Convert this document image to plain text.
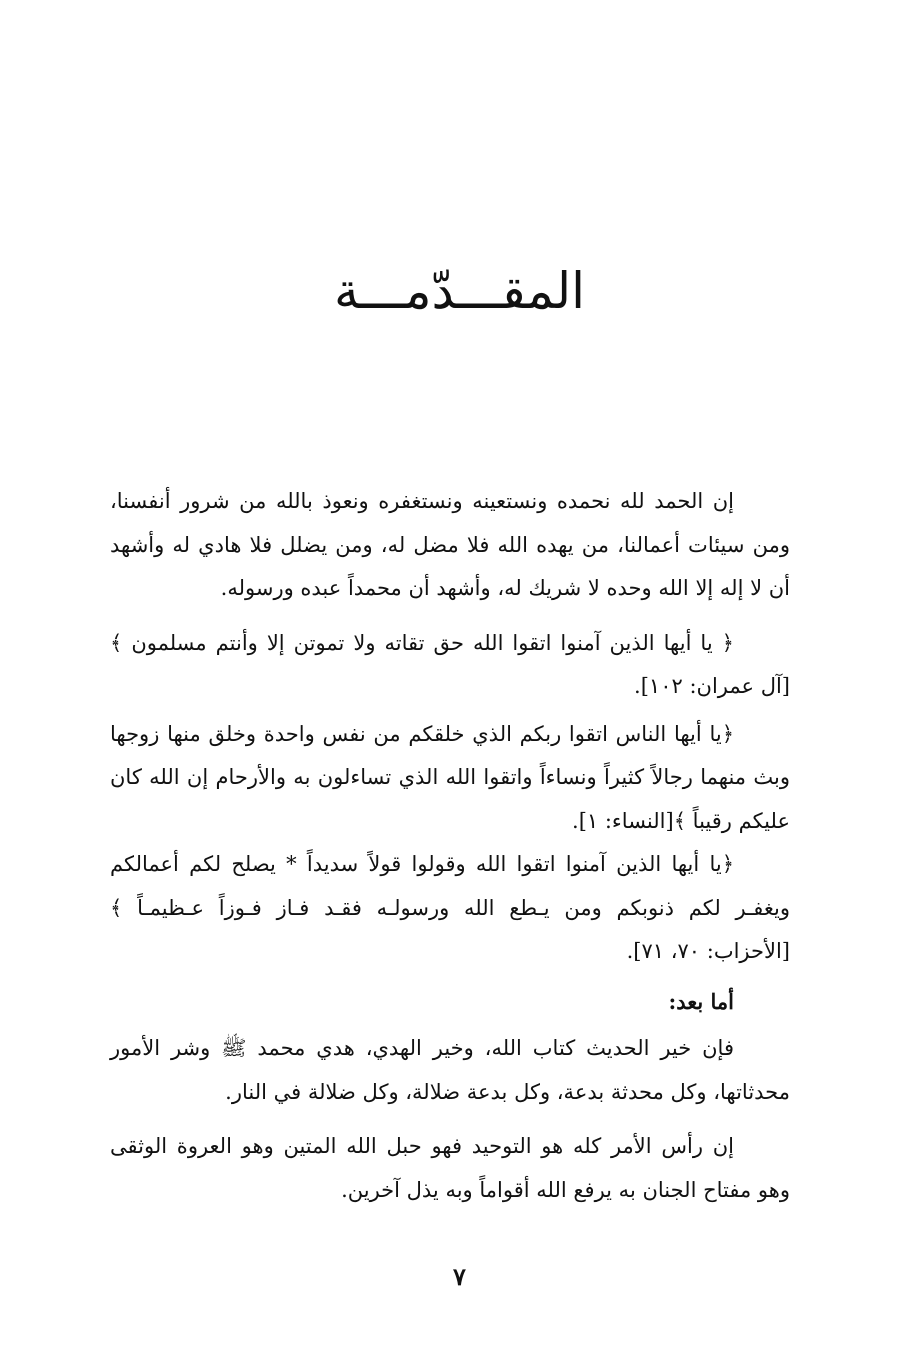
المقـــدّمـــة

إن الحمد لله نحمده ونستعينه ونستغفره ونعوذ بالله من شرور أنفسنا، ومن سيئات أعمالنا، من يهده الله فلا مضل له، ومن يضلل فلا هادي له وأشهد أن لا إله إلا الله وحده لا شريك له، وأشهد أن محمداً عبده ورسوله.

﴿ يا أيها الذين آمنوا اتقوا الله حق تقاته ولا تموتن إلا وأنتم مسلمون ﴾ [آل عمران: ١٠٢].

﴿يا أيها الناس اتقوا ربكم الذي خلقكم من نفس واحدة وخلق منها زوجها وبث منهما رجالاً كثيراً ونساءاً واتقوا الله الذي تساءلون به والأرحام إن الله كان عليكم رقيباً ﴾[النساء: ١].

﴿يا أيها الذين آمنوا اتقوا الله وقولوا قولاً سديداً * يصلح لكم أعمالكم ويغفـر لكم ذنوبكم ومن يـطع الله ورسولـه فقـد فـاز فـوزاً عـظيمـاً ﴾ [الأحزاب: ٧٠، ٧١].

أما بعد:

فإن خير الحديث كتاب الله، وخير الهدي، هدي محمد ﷺ وشر الأمور محدثاتها، وكل محدثة بدعة، وكل بدعة ضلالة، وكل ضلالة في النار.

إن رأس الأمر كله هو التوحيد فهو حبل الله المتين وهو العروة الوثقى وهو مفتاح الجنان به يرفع الله أقواماً وبه يذل آخرين.

٧
